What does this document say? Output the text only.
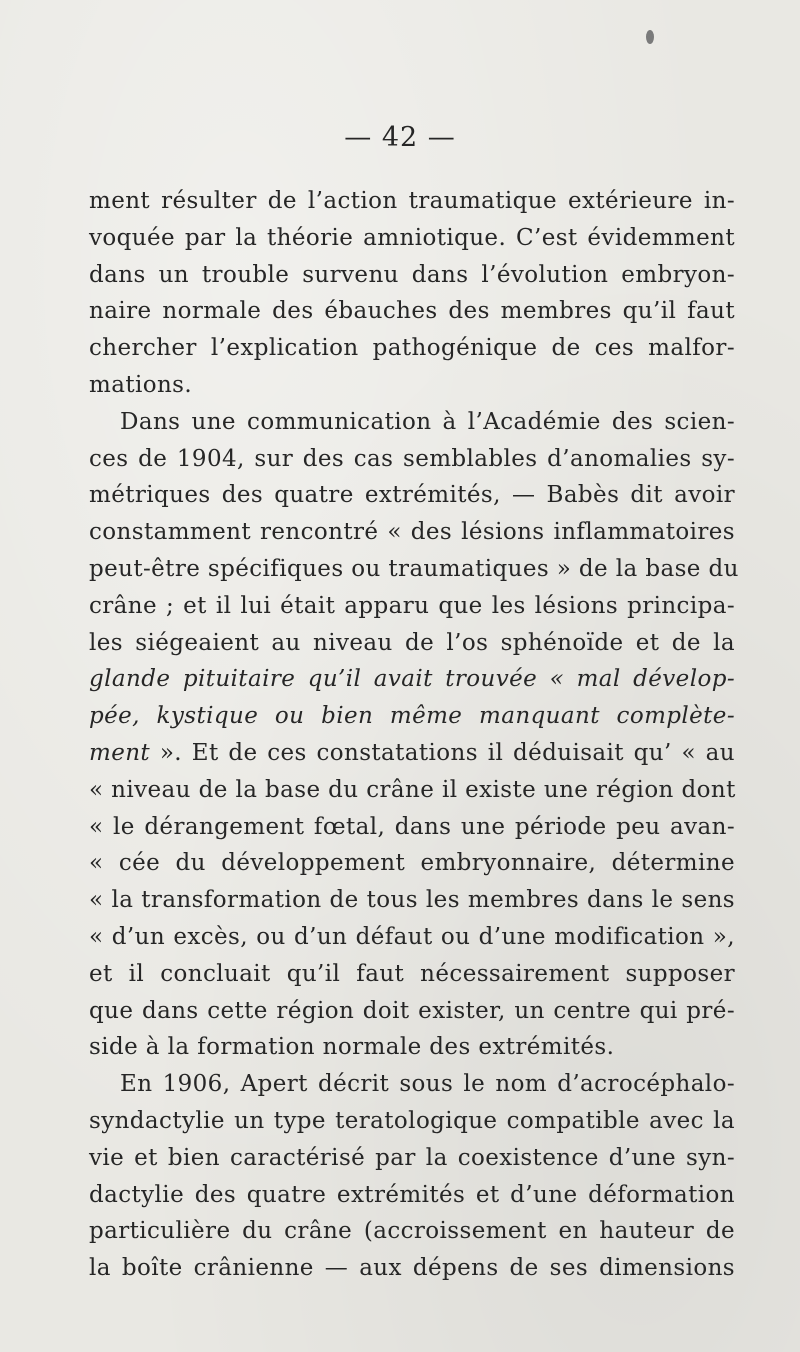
— 42 —
ment résulter de l’action traumatique extérieure in-
voquée par la théorie amniotique. C’est évidemment
dans un trouble survenu dans l’évolution embryon-
naire normale des ébauches des membres qu’il faut
chercher l’explication pathogénique de ces malfor-
mations.
Dans une communication à l’Académie des scien-
ces de 1904, sur des cas semblables d’anomalies sy-
métriques des quatre extrémités, — Babès dit avoir
constamment rencontré « des lésions inflammatoires
peut-être spécifiques ou traumatiques » de la base du
crâne ; et il lui était apparu que les lésions principa-
les siégeaient au niveau de l’os sphénoïde et de la
glande pituitaire qu’il avait trouvée « mal dévelop-
pée, kystique ou bien même manquant complète-
ment ». Et de ces constatations il déduisait qu’ « au
« niveau de la base du crâne il existe une région dont
« le dérangement fœtal, dans une période peu avan-
« cée du développement embryonnaire, détermine
« la transformation de tous les membres dans le sens
« d’un excès, ou d’un défaut ou d’une modification »,
et il concluait qu’il faut nécessairement supposer
que dans cette région doit exister, un centre qui pré-
side à la formation normale des extrémités.
En 1906, Apert décrit sous le nom d’acrocéphalo-
syndactylie un type teratologique compatible avec la
vie et bien caractérisé par la coexistence d’une syn-
dactylie des quatre extrémités et d’une déformation
particulière du crâne (accroissement en hauteur de
la boîte crânienne — aux dépens de ses dimensions
